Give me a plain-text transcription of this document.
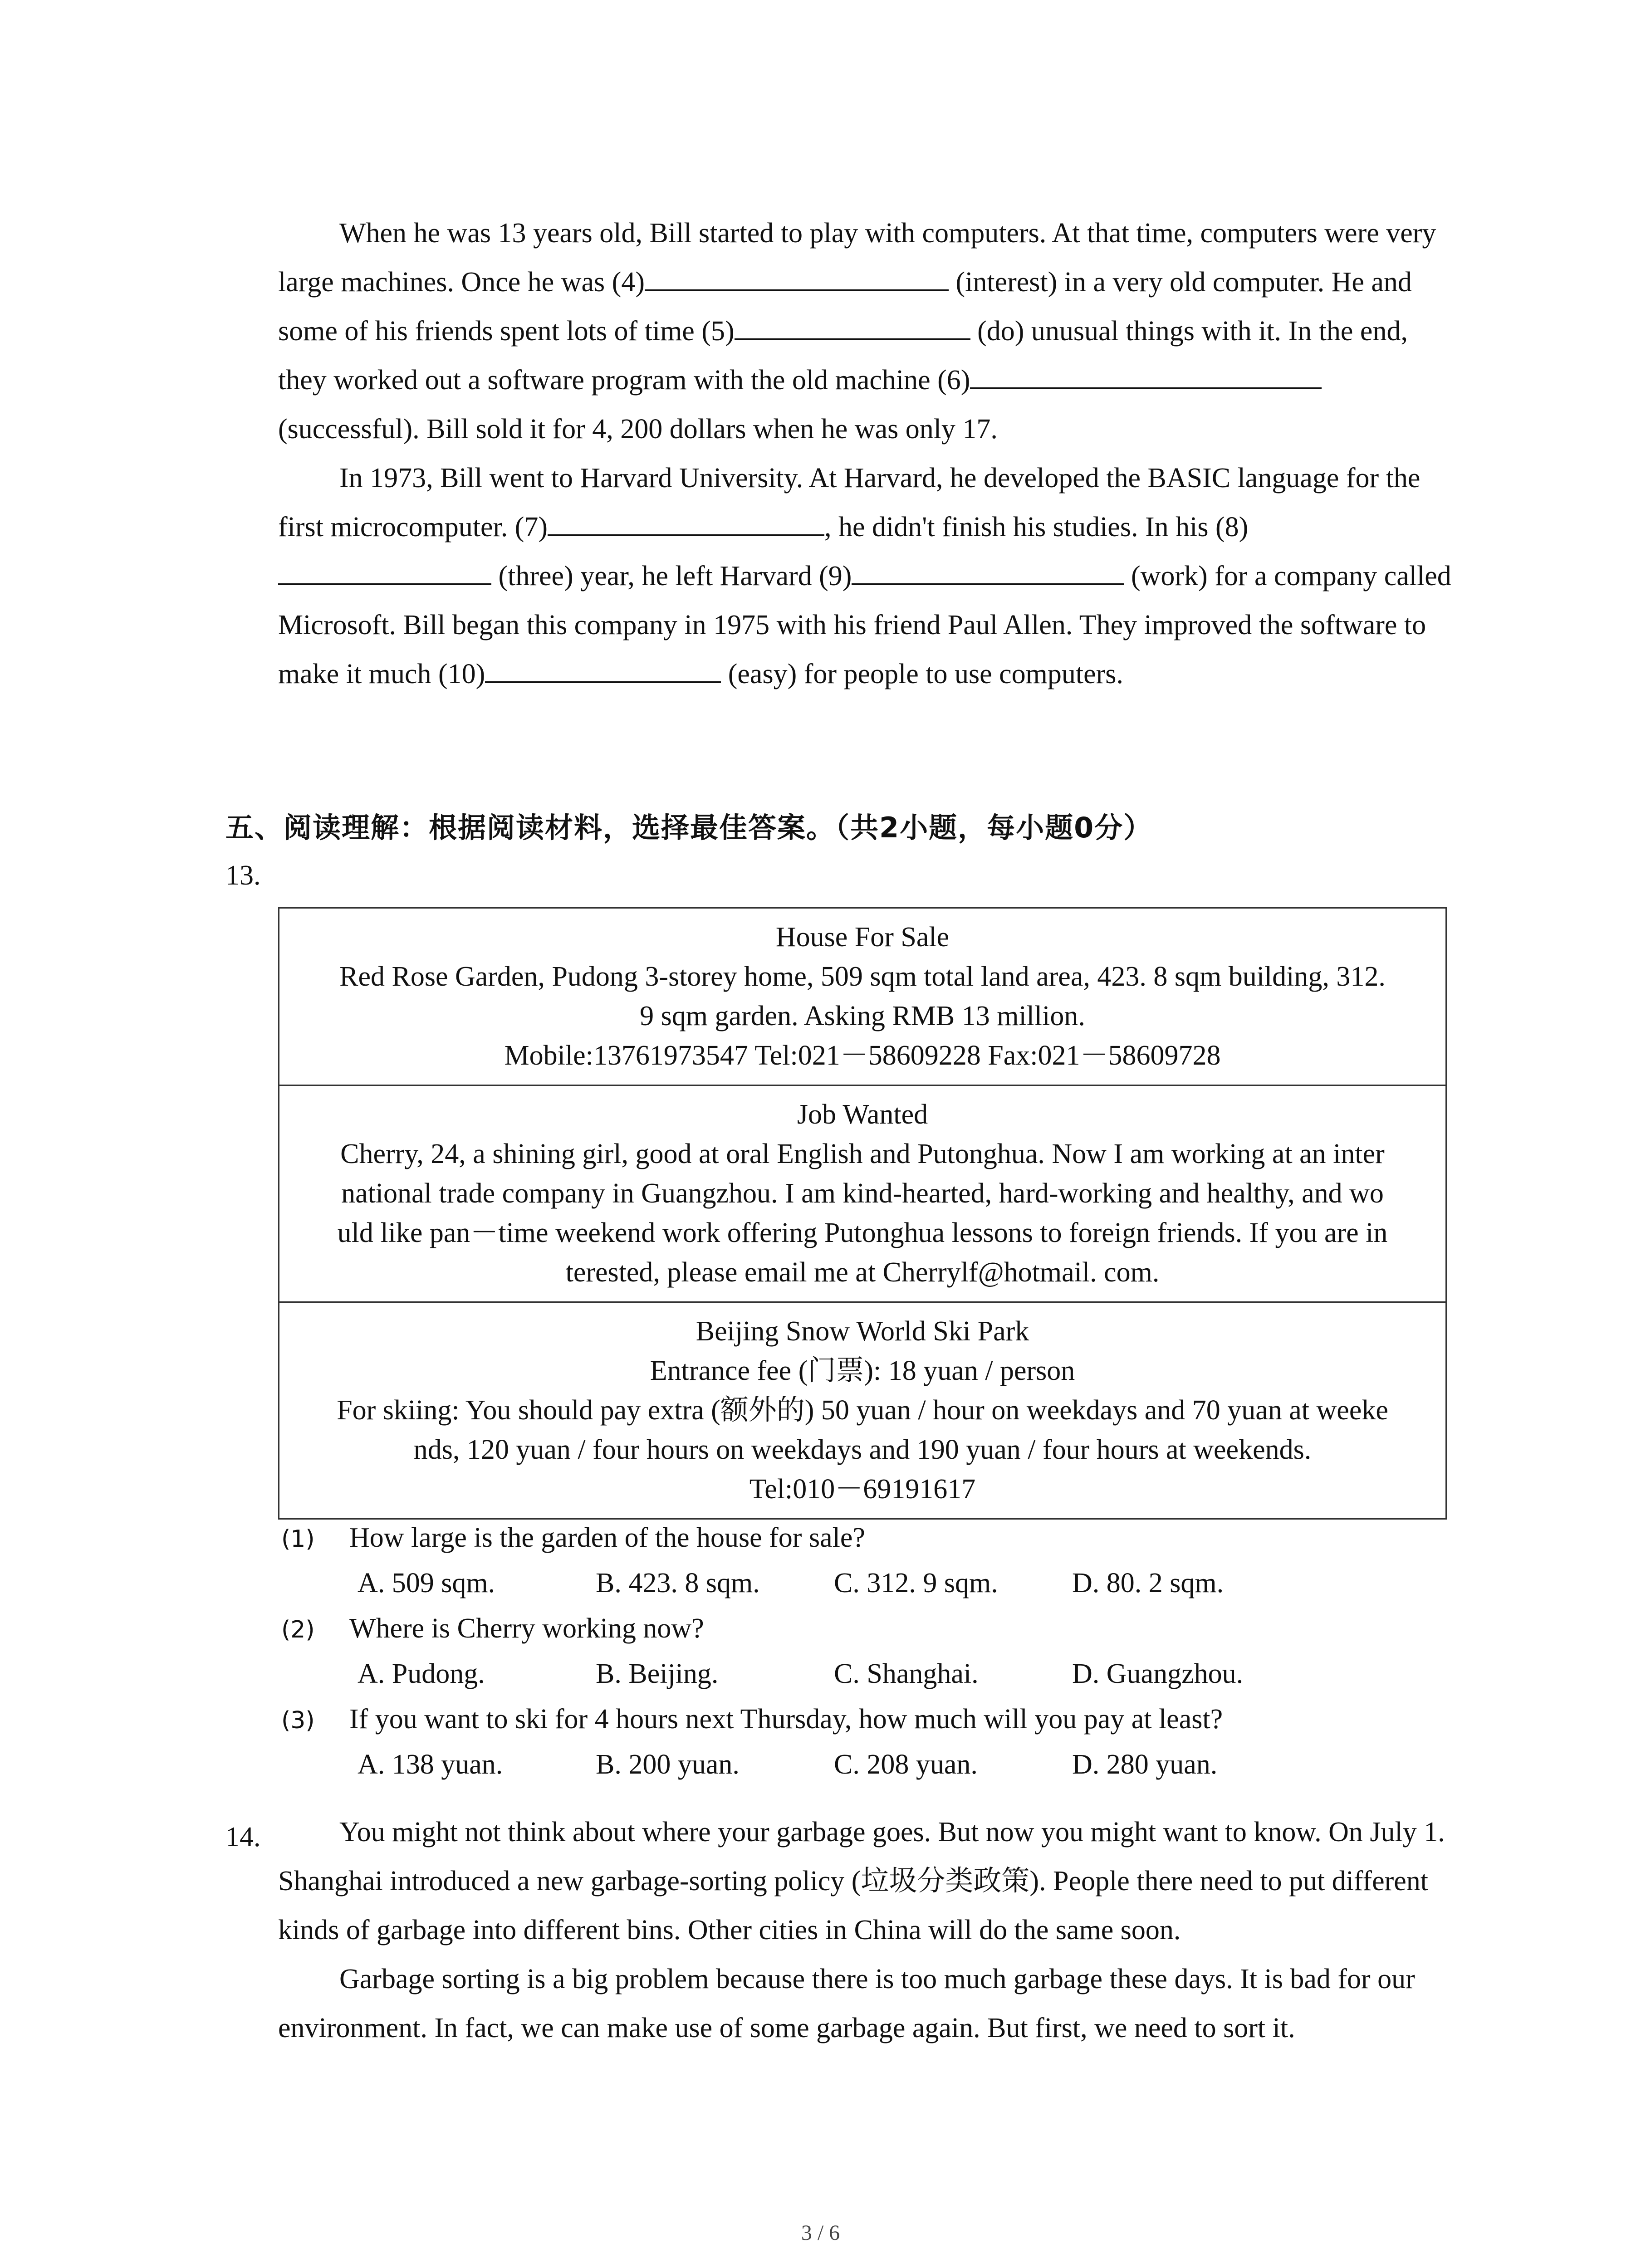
When he was 13 years old, Bill started to play with computers. At that time, computers were very large machines. Once he was (4)	(interest) in a very old computer. He and some of his friends spent lots of time (5)	(do) unusual things with it. In the end, they worked out a software program with the old machine (6) (successful). Bill sold it for 4, 200 dollars when he was only 17.

In 1973, Bill went to Harvard University. At Harvard, he developed the BASIC language for the first microcomputer. (7)	, he didn't finish his studies. In his (8) (three) year, he left Harvard (9)	(work) for a company called Microsoft. Bill began this company in 1975 with his friend Paul Allen. They improved the software to make it much (10)	(easy) for people to use computers.

五、阅读理解：根据阅读材料，选择最佳答案。（共2小题，每小题0分）
13.
House For Sale
Red Rose Garden, Pudong 3-storey home, 509 sqm total land area, 423. 8 sqm building, 312.
9 sqm garden. Asking RMB 13 million.
Mobile:13761973547 Tel:021－58609228 Fax:021－58609728
Job Wanted
Cherry, 24, a shining girl, good at oral English and Putonghua. Now I am working at an inter
national trade company in Guangzhou. I am kind-hearted, hard-working and healthy, and wo
uld like pan－time weekend work offering Putonghua lessons to foreign friends. If you are in
terested, please email me at Cherrylf@hotmail. com.
Beijing Snow World Ski Park
Entrance fee (门票): 18 yuan / person
For skiing: You should pay extra (额外的) 50 yuan / hour on weekdays and 70 yuan at weeke
nds, 120 yuan / four hours on weekdays and 190 yuan / four hours at weekends.
Tel:010－69191617
(1) How large is the garden of the house for sale?
A. 509 sqm.	B. 423. 8 sqm.	C. 312. 9 sqm.	D. 80. 2 sqm.
(2) Where is Cherry working now?
A. Pudong.	B. Beijing.	C. Shanghai.	D. Guangzhou.
(3) If you want to ski for 4 hours next Thursday, how much will you pay at least?
A. 138 yuan.	B. 200 yuan.	C. 208 yuan.	D. 280 yuan.
14.	You might not think about where your garbage goes. But now you might want to know. On July 1. Shanghai introduced a new garbage-sorting policy (垃圾分类政策). People there need to put different kinds of garbage into different bins. Other cities in China will do the same soon.

Garbage sorting is a big problem because there is too much garbage these days. It is bad for our environment. In fact, we can make use of some garbage again. But first, we need to sort it.

3 / 6
